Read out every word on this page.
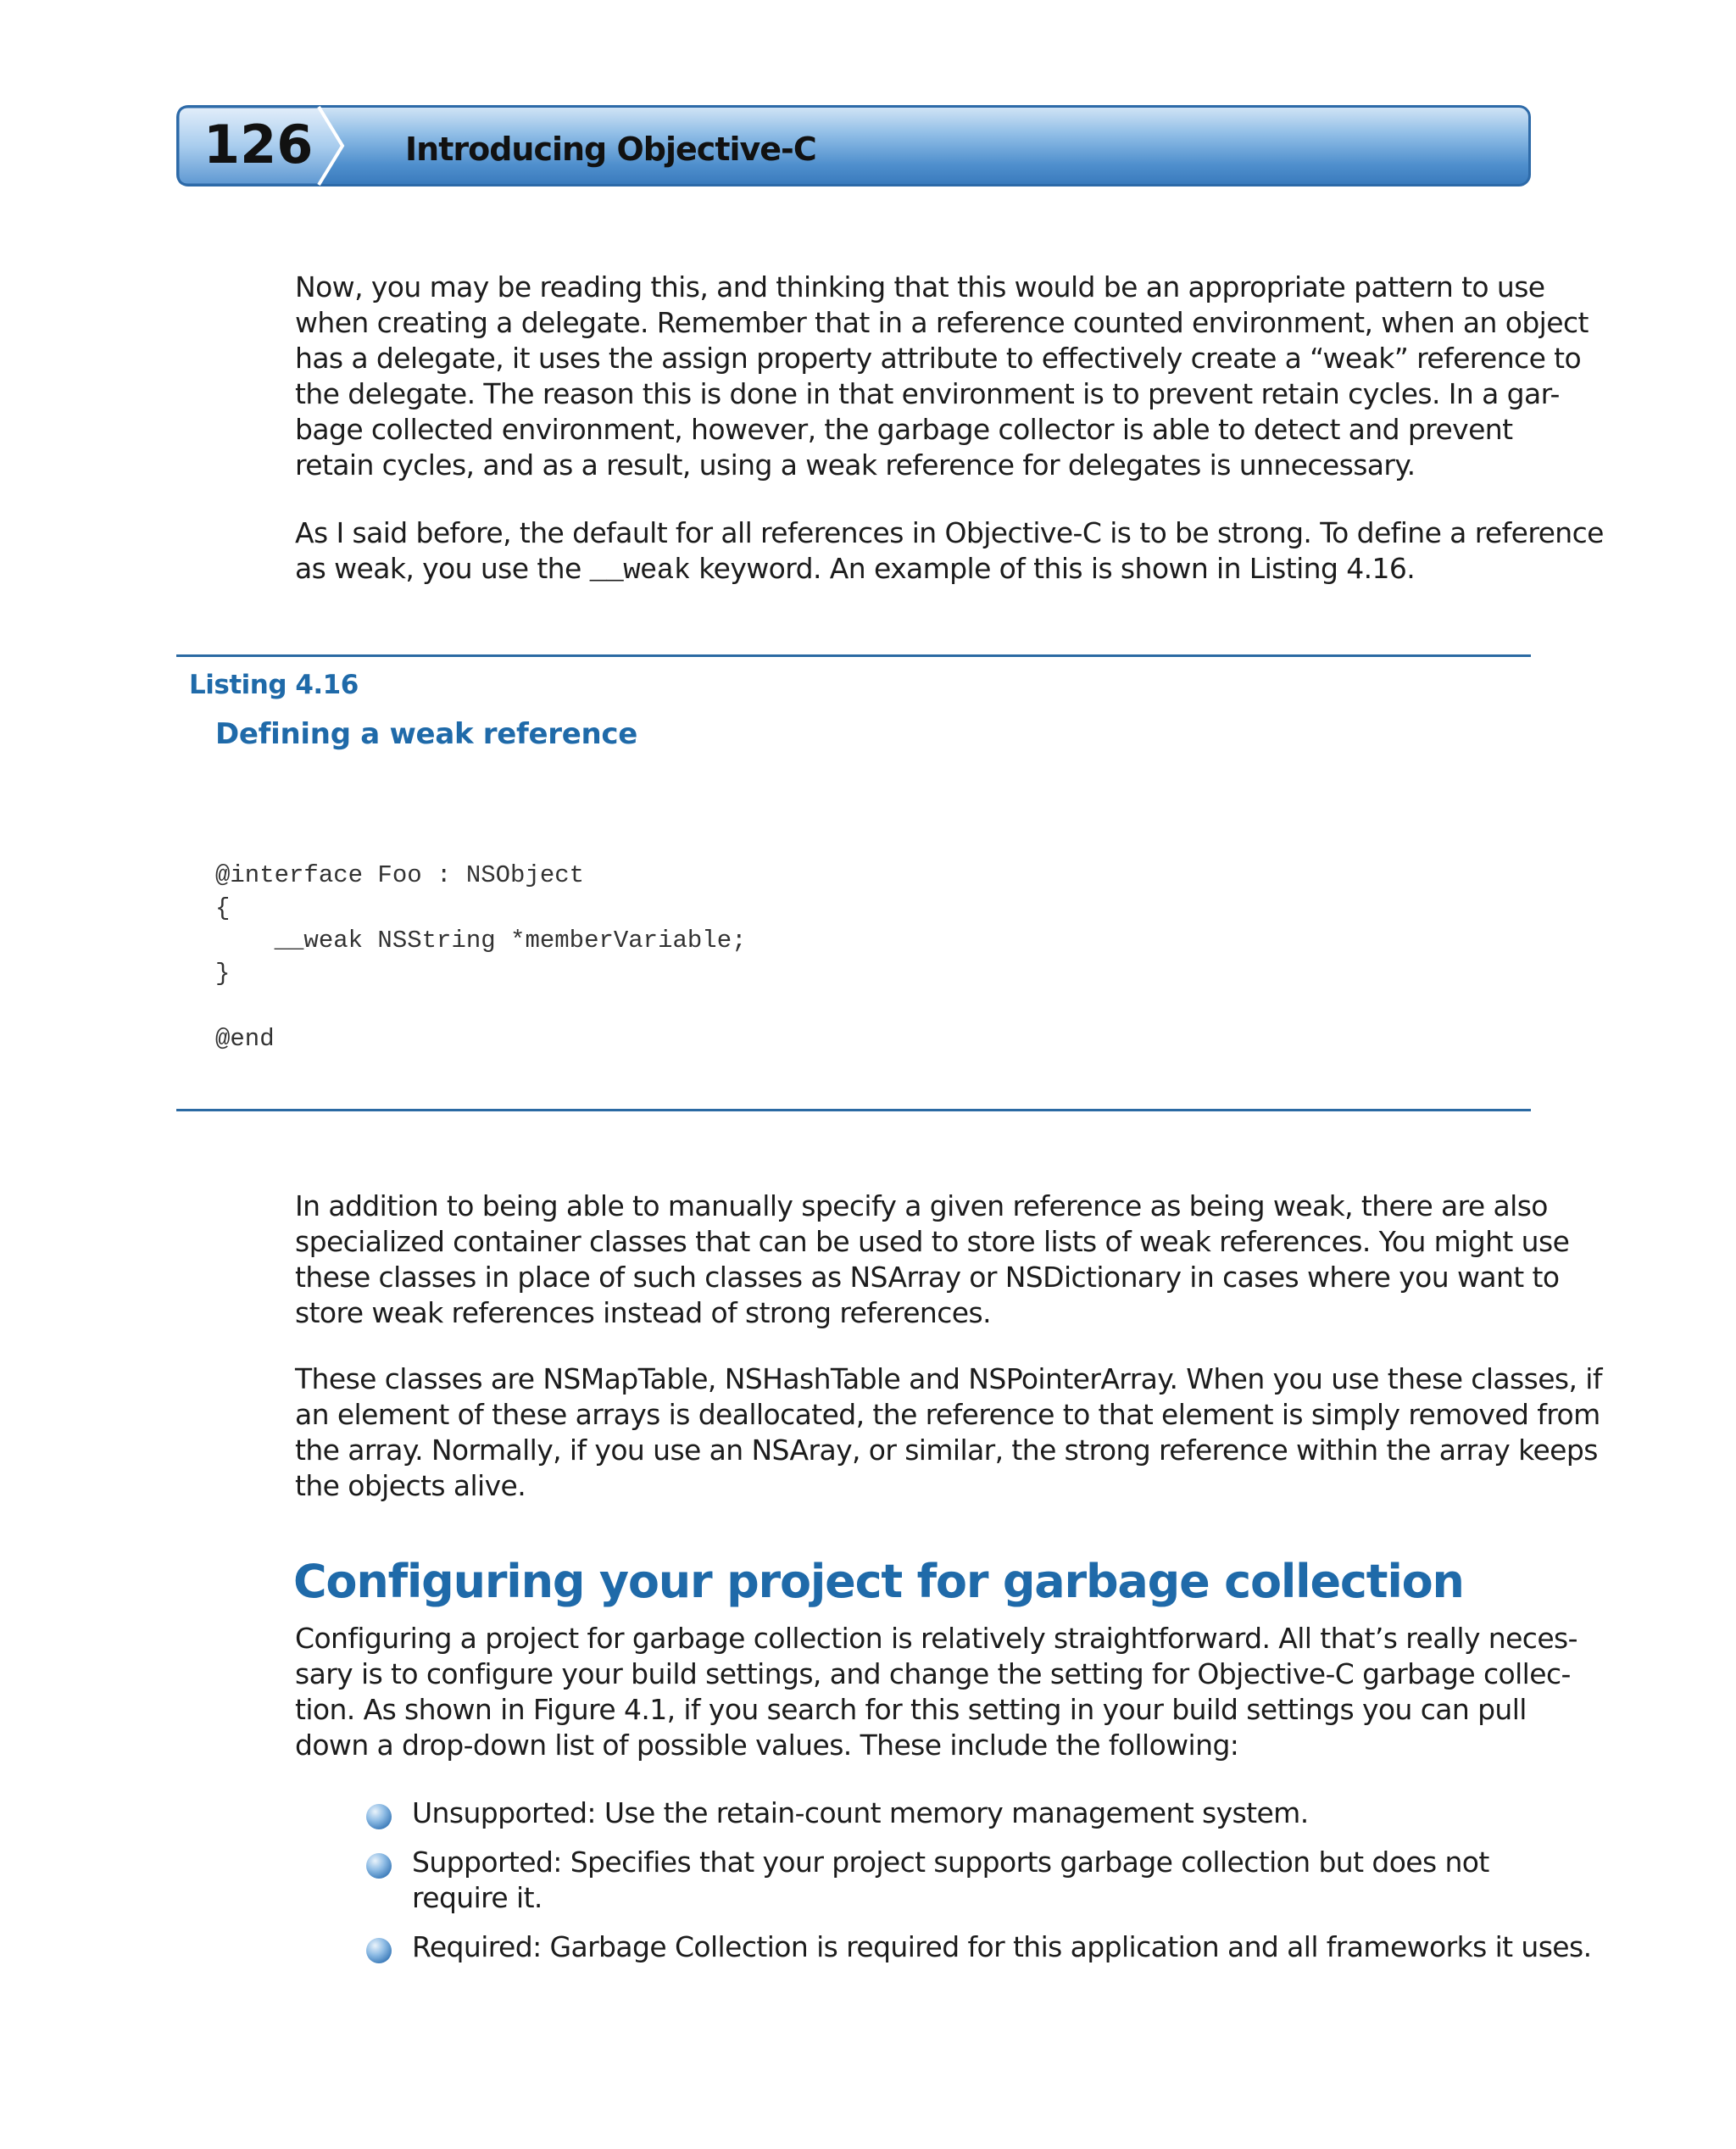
126	Introducing Objective-C

Now, you may be reading this, and thinking that this would be an appropriate pattern to use
when creating a delegate. Remember that in a reference counted environment, when an object
has a delegate, it uses the assign property attribute to effectively create a “weak” reference to
the delegate. The reason this is done in that environment is to prevent retain cycles. In a gar-
bage collected environment, however, the garbage collector is able to detect and prevent
retain cycles, and as a result, using a weak reference for delegates is unnecessary.

As I said before, the default for all references in Objective-C is to be strong. To define a reference
as weak, you use the __weak keyword. An example of this is shown in Listing 4.16.

Listing 4.16
Defining a weak reference
@interface Foo : NSObject
{
__weak NSString *memberVariable;
}

@end

In addition to being able to manually specify a given reference as being weak, there are also
specialized container classes that can be used to store lists of weak references. You might use
these classes in place of such classes as NSArray or NSDictionary in cases where you want to
store weak references instead of strong references.

These classes are NSMapTable, NSHashTable and NSPointerArray. When you use these classes, if
an element of these arrays is deallocated, the reference to that element is simply removed from
the array. Normally, if you use an NSAray, or similar, the strong reference within the array keeps
the objects alive.

Configuring your project for garbage collection

Configuring a project for garbage collection is relatively straightforward. All that’s really neces-
sary is to configure your build settings, and change the setting for Objective-C garbage collec-
tion. As shown in Figure 4.1, if you search for this setting in your build settings you can pull
down a drop-down list of possible values. These include the following:

Unsupported: Use the retain-count memory management system.
Supported: Specifies that your project supports garbage collection but does not
require it.
Required: Garbage Collection is required for this application and all frameworks it uses.
